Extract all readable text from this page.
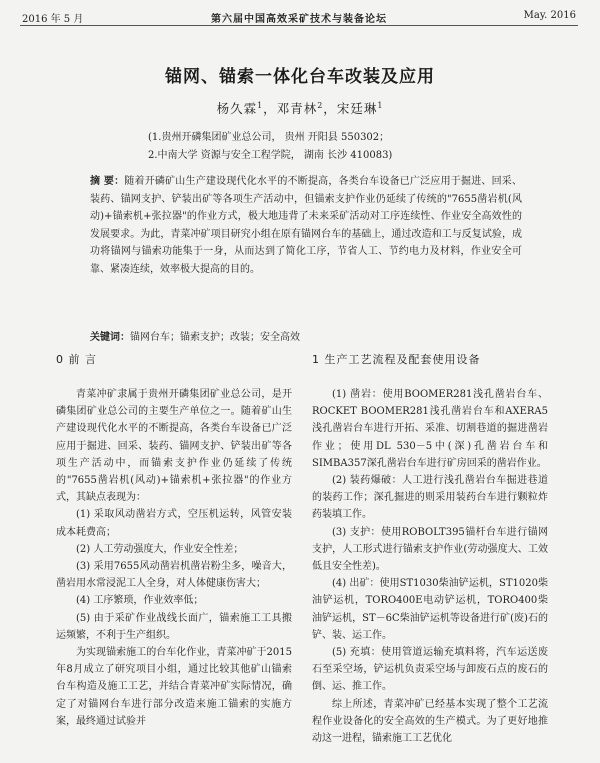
2016 年 5 月	第六届中国高效采矿技术与装备论坛	May. 2016
锚网、锚索一体化台车改装及应用
杨久霖$^1$，邓青林$^2$，宋廷琳$^1$
(1.贵州开磷集团矿业总公司， 贵州 开阳县 550302；
2.中南大学 资源与安全工程学院， 湖南 长沙 410083)
摘 要：随着开磷矿山生产建设现代化水平的不断提高，各类台车设备已广泛应用于掘进、回采、装药、锚网支护、铲装出矿等各项生产活动中，但锚索支护作业仍延续了传统的"7655凿岩机(风动)+锚索机+张拉器"的作业方式，极大地违背了未来采矿活动对工序连续性、作业安全高效性的发展要求。为此，青菜冲矿项目研究小组在原有锚网台车的基础上，通过改造和工与反复试验，成功将锚网与锚索功能集于一身，从而达到了简化工序，节省人工、节约电力及材料，作业安全可靠、紧凑连续，效率极大提高的目的。
关键词：锚网台车；锚索支护；改装；安全高效
0 前 言

青菜冲矿隶属于贵州开磷集团矿业总公司，是开磷集团矿业总公司的主要生产单位之一。随着矿山生产建设现代化水平的不断提高，各类台车设备已广泛应用于掘进、回采、装药、锚网支护、铲装出矿等各项生产活动中，而锚索支护作业仍延续了传统的"7655凿岩机(风动)+锚索机+张拉器"的作业方式，其缺点表现为：

(1) 采取风动凿岩方式，空压机运转，风管安装成本耗费高；

(2) 人工劳动强度大，作业安全性差；

(3) 采用7655风动凿岩机凿岩粉尘多，噪音大，凿岩用水常浸泥工人全身，对人体健康伤害大；

(4) 工序繁琐，作业效率低；

(5) 由于采矿作业战线长面广，锚索施工工具搬运频繁，不利于生产组织。

为实现锚索施工的台车化作业，青菜冲矿于2015年8月成立了研究项目小组，通过比较其他矿山锚索台车构造及施工工艺，并结合青菜冲矿实际情况，确定了对锚网台车进行部分改造来施工锚索的实施方案，最终通过试验并

1 生产工艺流程及配套使用设备

(1) 凿岩：使用BOOMER281浅孔凿岩台车、ROCKET BOOMER281浅孔凿岩台车和AXERA5浅孔凿岩台车进行开拓、采准、切割巷道的掘进凿岩作业；使用DL 530－5中(深)孔凿岩台车和SIMBA357深孔凿岩台车进行矿房回采的凿岩作业。

(2) 装药爆破：人工进行浅孔凿岩台车掘进巷道的装药工作；深孔掘进的则采用装药台车进行颗粒炸药装填工作。

(3) 支护：使用ROBOLT395锚杆台车进行锚网支护，人工形式进行锚索支护作业(劳动强度大、工效低且安全性差)。

(4) 出矿：使用ST1030柴油铲运机，ST1020柴油铲运机，TORO400E电动铲运机，TORO400柴油铲运机，ST－6C柴油铲运机等设备进行矿(废)石的铲、装、运工作。

(5) 充填：使用管道运输充填料将，汽车运送废石至采空场，铲运机负责采空场与卸废石点的废石的倒、运、推工作。

综上所述，青菜冲矿已经基本实现了整个工艺流程作业设备化的安全高效的生产模式。为了更好地推动这一进程，锚索施工工艺优化
